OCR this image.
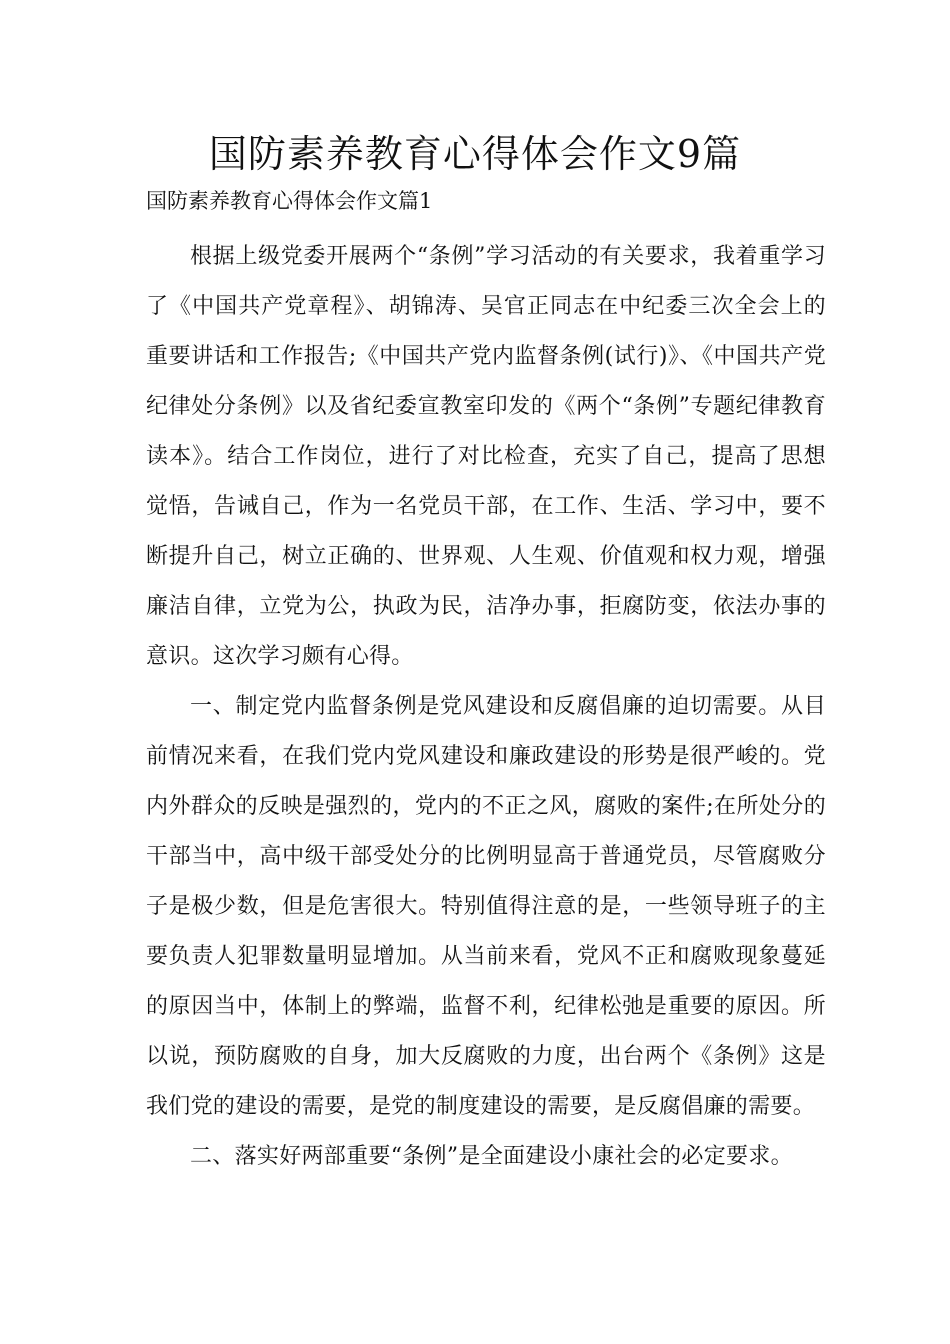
国防素养教育心得体会作文9篇
国防素养教育心得体会作文篇1

根据上级党委开展两个“条例”学习活动的有关要求，我着重学习了《中国共产党章程》、胡锦涛、吴官正同志在中纪委三次全会上的重要讲话和工作报告;《中国共产党内监督条例(试行)》、《中国共产党纪律处分条例》以及省纪委宣教室印发的《两个“条例”专题纪律教育读本》。结合工作岗位，进行了对比检查，充实了自己，提高了思想觉悟，告诫自己，作为一名党员干部，在工作、生活、学习中，要不断提升自己，树立正确的、世界观、人生观、价值观和权力观，增强廉洁自律，立党为公，执政为民，洁净办事，拒腐防变，依法办事的意识。这次学习颇有心得。

一、制定党内监督条例是党风建设和反腐倡廉的迫切需要。从目前情况来看，在我们党内党风建设和廉政建设的形势是很严峻的。党内外群众的反映是强烈的，党内的不正之风，腐败的案件;在所处分的干部当中，高中级干部受处分的比例明显高于普通党员，尽管腐败分子是极少数，但是危害很大。特别值得注意的是，一些领导班子的主要负责人犯罪数量明显增加。从当前来看，党风不正和腐败现象蔓延的原因当中，体制上的弊端，监督不利，纪律松弛是重要的原因。所以说，预防腐败的自身，加大反腐败的力度，出台两个《条例》这是我们党的建设的需要，是党的制度建设的需要，是反腐倡廉的需要。

二、落实好两部重要“条例”是全面建设小康社会的必定要求。
